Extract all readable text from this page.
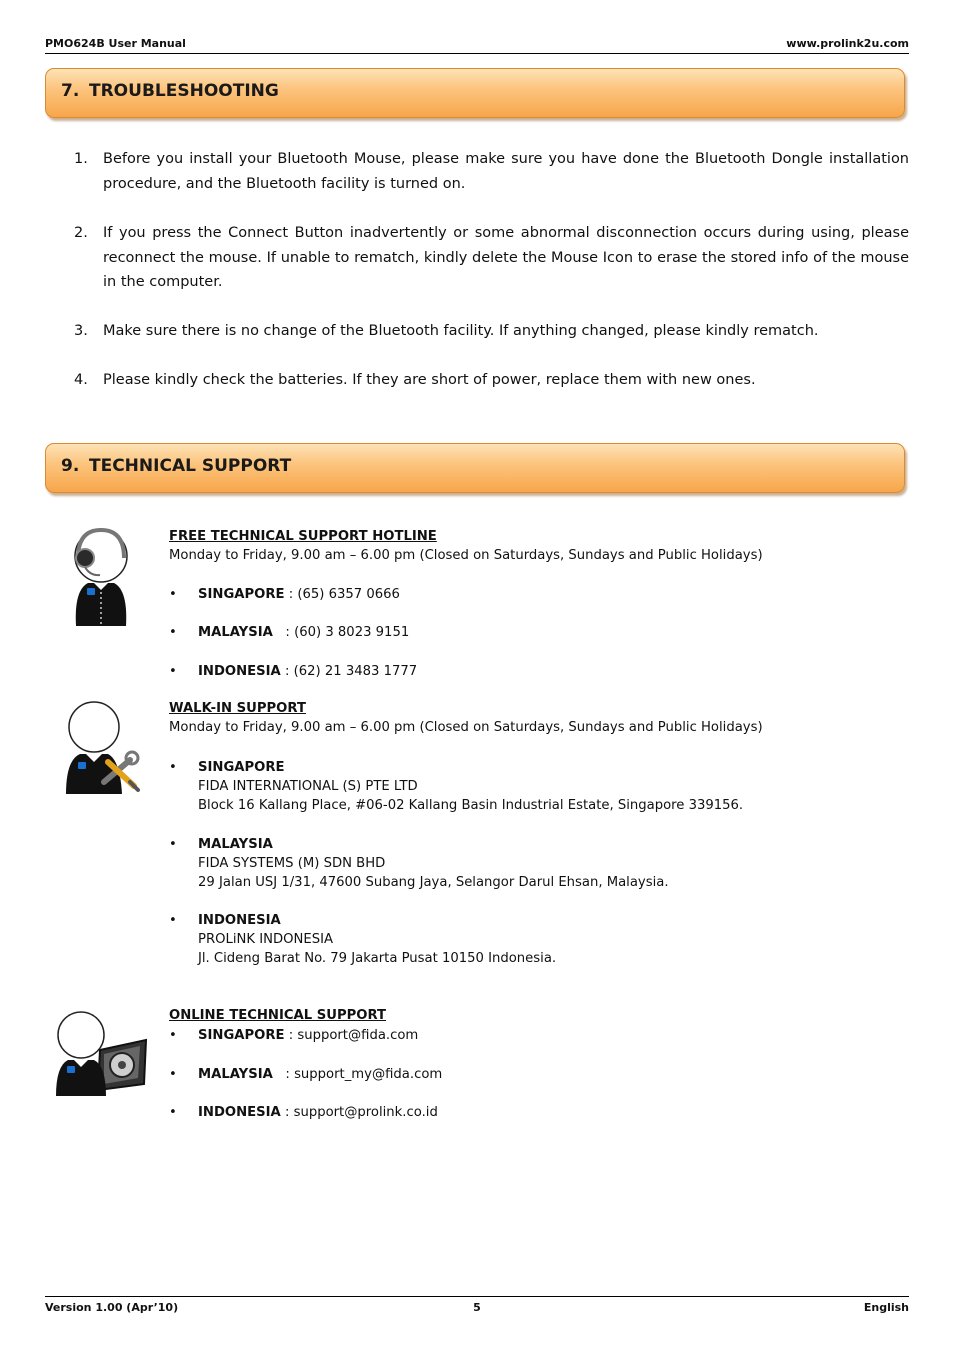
PMO624B User Manual	www.prolink2u.com
7. TROUBLESHOOTING
1. Before you install your Bluetooth Mouse, please make sure you have done the Bluetooth Dongle installation procedure, and the Bluetooth facility is turned on.
2. If you press the Connect Button inadvertently or some abnormal disconnection occurs during using, please reconnect the mouse. If unable to rematch, kindly delete the Mouse Icon to erase the stored info of the mouse in the computer.
3. Make sure there is no change of the Bluetooth facility. If anything changed, please kindly rematch.
4. Please kindly check the batteries. If they are short of power, replace them with new ones.
9. TECHNICAL SUPPORT
FREE TECHNICAL SUPPORT HOTLINE
Monday to Friday, 9.00 am – 6.00 pm (Closed on Saturdays, Sundays and Public Holidays)
• SINGAPORE : (65) 6357 0666
• MALAYSIA   : (60) 3 8023 9151
• INDONESIA : (62) 21 3483 1777
WALK-IN SUPPORT
Monday to Friday, 9.00 am – 6.00 pm (Closed on Saturdays, Sundays and Public Holidays)
• SINGAPORE
FIDA INTERNATIONAL (S) PTE LTD
Block 16 Kallang Place, #06-02 Kallang Basin Industrial Estate, Singapore 339156.
• MALAYSIA
FIDA SYSTEMS (M) SDN BHD
29 Jalan USJ 1/31, 47600 Subang Jaya, Selangor Darul Ehsan, Malaysia.
• INDONESIA
PROLiNK INDONESIA
Jl. Cideng Barat No. 79 Jakarta Pusat 10150 Indonesia.
ONLINE TECHNICAL SUPPORT
• SINGAPORE : support@fida.com
• MALAYSIA   : support_my@fida.com
• INDONESIA : support@prolink.co.id
Version 1.00 (Apr’10)	5	English
